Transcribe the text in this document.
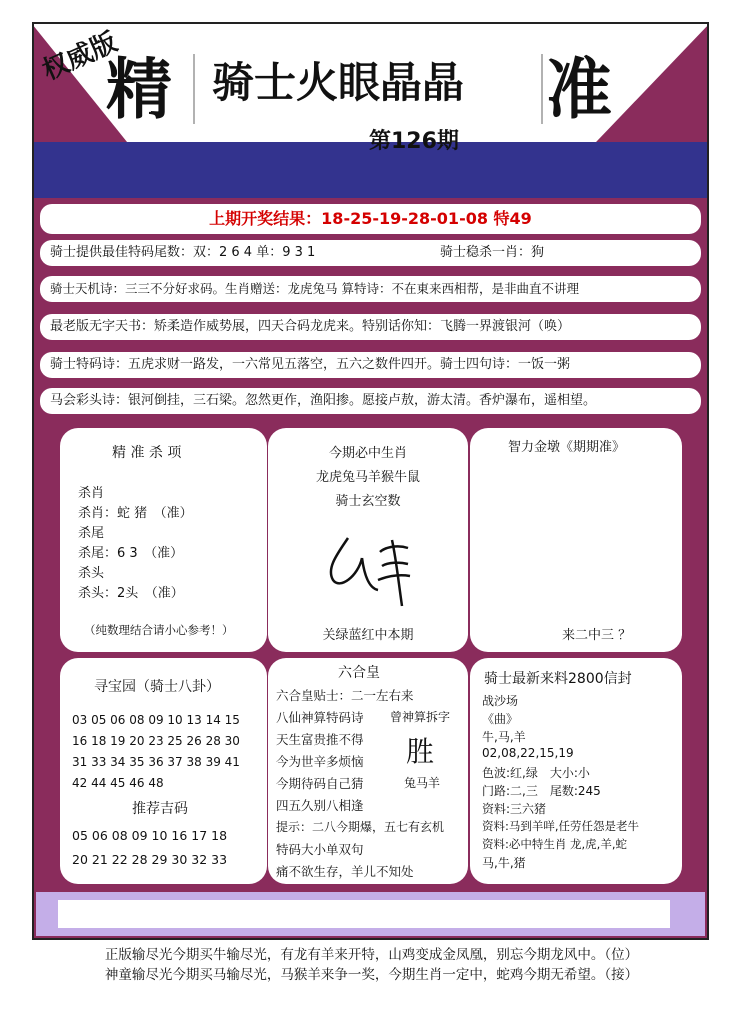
权威版
精 骑士火眼晶晶 准
第126期
上期开奖结果：18-25-19-28-01-08 特49
骑士提供最佳特码尾数：双：2 6 4 单：9 3 1	骑士稳杀一肖：狗
骑士天机诗：三三不分好求码。生肖赠送：龙虎兔马 算特诗：不在東来西相帮，是非曲直不讲理
最老版无字天书：矫柔造作威势展，四天合码龙虎来。特别话你知：飞腾一界渡银河（唤）
骑士特码诗：五虎求财一路发，一六常见五落空，五六之数件四开。骑士四句诗：一饭一粥
马会彩头诗：银河倒挂，三石梁。忽然更作，渔阳掺。愿接卢敖，游太清。香炉瀑布，遥相望。
精 准 杀 项
杀肖
杀肖：蛇 猪　（准）
杀尾
杀尾：6 3　（准）
杀头
杀头：2头　（准）
（纯数理结合请小心参考！）
今期必中生肖
龙虎兔马羊猴牛鼠
骑士玄空数
关绿蓝红中本期
智力金墩《期期准》
来二中三 ？
寻宝园（骑士八卦）
03 05 06 08 09 10 13 14 15
16 18 19 20 23 25 26 28 30
31 33 34 35 36 37 38 39 41
42 44 45 46 48
推荐吉码
05 06 08 09 10 16 17 18
20 21 22 28 29 30 32 33
六合皇
六合皇贴士：二一左右来
八仙神算特码诗
天生富贵推不得
今为世辛多烦恼
今期待码自己猜
四五久别八相逢
提示：二八今期爆，五七有玄机
特码大小单双句
痛不欲生存，羊儿不知处
曾神算拆字
胜
兔马羊
骑士最新来料2800信封
战沙场
《曲》
牛,马,羊
02,08,22,15,19
色波:红,绿　大小:小
门路:二,三　尾数:245
资料:三六猪
资料:马到羊咩,任劳任怨是老牛
资料:必中特生肖 龙,虎,羊,蛇
马,牛,猪
正版输尽光今期买牛输尽光，有龙有羊来开特，山鸡变成金凤凰，别忘今期龙风中。（位）
神童输尽光今期买马输尽光，马猴羊来争一奖，今期生肖一定中，蛇鸡今期无希望。（接）
